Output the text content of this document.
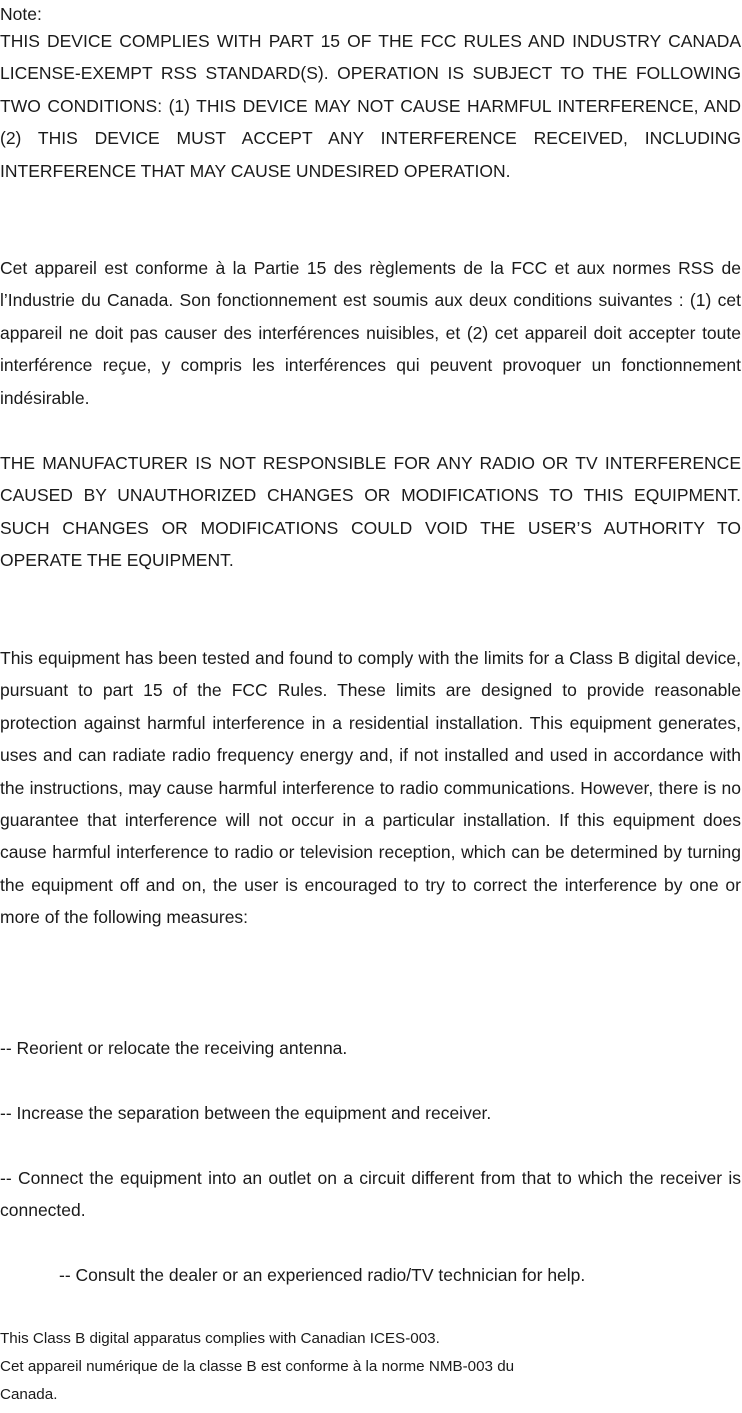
Note:

THIS DEVICE COMPLIES WITH PART 15 OF THE FCC RULES AND INDUSTRY CANADA LICENSE-EXEMPT RSS STANDARD(S). OPERATION IS SUBJECT TO THE FOLLOWING TWO CONDITIONS: (1) THIS DEVICE MAY NOT CAUSE HARMFUL INTERFERENCE, AND (2) THIS DEVICE MUST ACCEPT ANY INTERFERENCE RECEIVED, INCLUDING INTERFERENCE THAT MAY CAUSE UNDESIRED OPERATION.

Cet appareil est conforme à la Partie 15 des règlements de la FCC et aux normes RSS de l’Industrie du Canada. Son fonctionnement est soumis aux deux conditions suivantes : (1) cet appareil ne doit pas causer des interférences nuisibles, et (2) cet appareil doit accepter toute interférence reçue, y compris les interférences qui peuvent provoquer un fonctionnement indésirable.

THE MANUFACTURER IS NOT RESPONSIBLE FOR ANY RADIO OR TV INTERFERENCE CAUSED BY UNAUTHORIZED CHANGES OR MODIFICATIONS TO THIS EQUIPMENT. SUCH CHANGES OR MODIFICATIONS COULD VOID THE USER’S AUTHORITY TO OPERATE THE EQUIPMENT.

This equipment has been tested and found to comply with the limits for a Class B digital device, pursuant to part 15 of the FCC Rules. These limits are designed to provide reasonable protection against harmful interference in a residential installation. This equipment generates, uses and can radiate radio frequency energy and, if not installed and used in accordance with the instructions, may cause harmful interference to radio communications. However, there is no guarantee that interference will not occur in a particular installation. If this equipment does cause harmful interference to radio or television reception, which can be determined by turning the equipment off and on, the user is encouraged to try to correct the interference by one or more of the following measures:

-- Reorient or relocate the receiving antenna.

-- Increase the separation between the equipment and receiver.

-- Connect the equipment into an outlet on a circuit different from that to which the receiver is connected.

-- Consult the dealer or an experienced radio/TV technician for help.

This Class B digital apparatus complies with Canadian ICES-003.
Cet appareil numérique de la classe B est conforme à la norme NMB-003 du
Canada.
